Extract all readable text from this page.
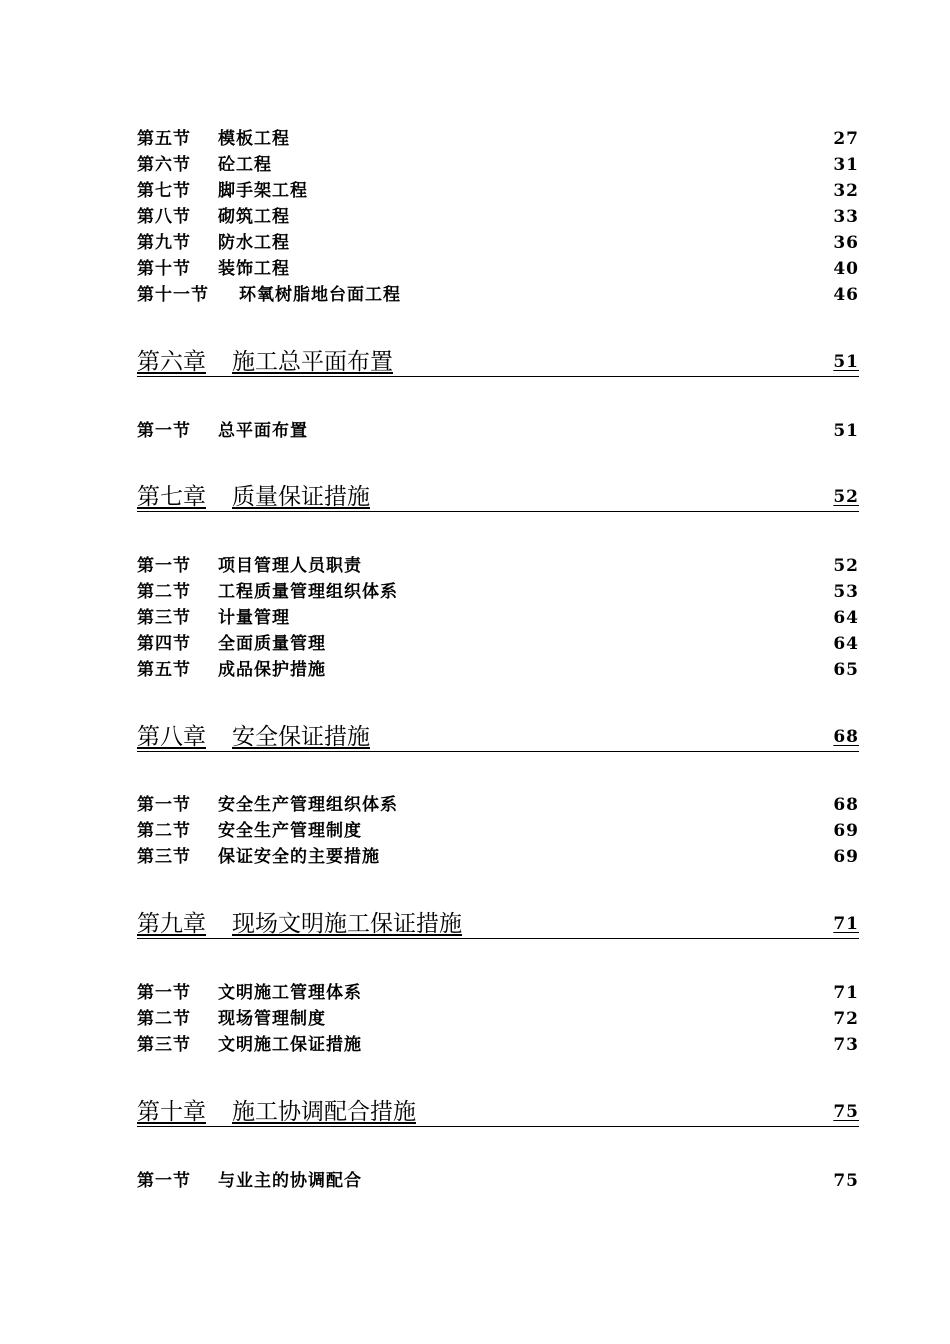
第五节 模板工程	27
第六节 砼工程	31
第七节 脚手架工程	32
第八节 砌筑工程	33
第九节 防水工程	36
第十节 装饰工程	40
第十一节 环氧树脂地台面工程	46
第六章 施工总平面布置	51
第一节 总平面布置	51
第七章 质量保证措施	52
第一节 项目管理人员职责	52
第二节 工程质量管理组织体系	53
第三节 计量管理	64
第四节 全面质量管理	64
第五节 成品保护措施	65
第八章 安全保证措施	68
第一节 安全生产管理组织体系	68
第二节 安全生产管理制度	69
第三节 保证安全的主要措施	69
第九章 现场文明施工保证措施	71
第一节 文明施工管理体系	71
第二节 现场管理制度	72
第三节 文明施工保证措施	73
第十章 施工协调配合措施	75
第一节 与业主的协调配合	75
